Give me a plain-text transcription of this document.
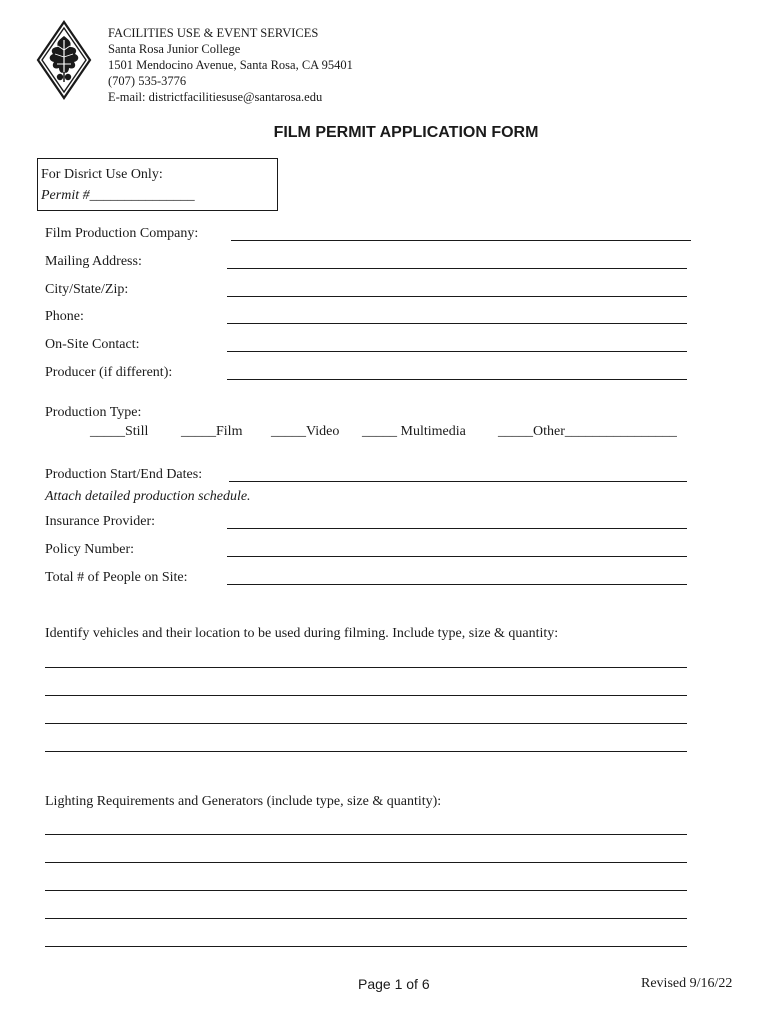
FACILITIES USE & EVENT SERVICES
Santa Rosa Junior College
1501 Mendocino Avenue, Santa Rosa, CA 95401
(707) 535-3776
E-mail: districtfacilitiesuse@santarosa.edu
FILM PERMIT APPLICATION FORM
For Disrict Use Only:
Permit #_______________
Film Production Company:
Mailing Address:
City/State/Zip:
Phone:
On-Site Contact:
Producer (if different):
Production Type:
_____Still _____Film _____Video _____ Multimedia _____Other________________
Production Start/End Dates:
Attach detailed production schedule.
Insurance Provider:
Policy Number:
Total # of People on Site:
Identify vehicles and their location to be used during filming. Include type, size & quantity:
Lighting Requirements and Generators (include type, size & quantity):
Page 1 of 6	Revised 9/16/22
